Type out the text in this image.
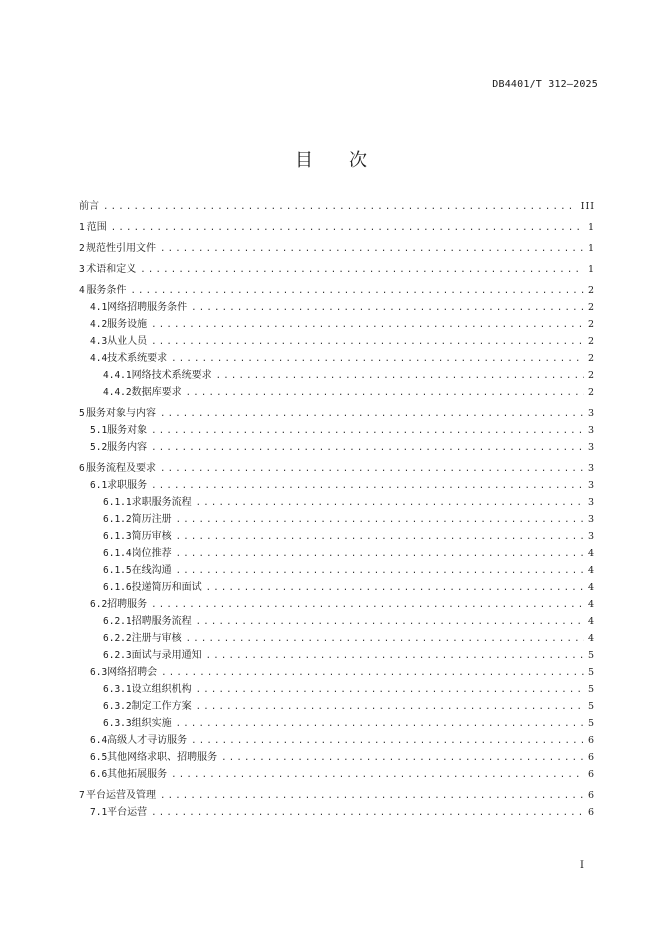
DB4401/T 312—2025
目次
前言 .....	III
1 范围 .....	1
2 规范性引用文件 .....	1
3 术语和定义 .....	1
4 服务条件 .....	2
4.1 网络招聘服务条件 .....	2
4.2 服务设施 .....	2
4.3 从业人员 .....	2
4.4 技术系统要求 .....	2
4.4.1 网络技术系统要求 .....	2
4.4.2 数据库要求 .....	2
5 服务对象与内容 .....	3
5.1 服务对象 .....	3
5.2 服务内容 .....	3
6 服务流程及要求 .....	3
6.1 求职服务 .....	3
6.1.1 求职服务流程 .....	3
6.1.2 简历注册 .....	3
6.1.3 简历审核 .....	3
6.1.4 岗位推荐 .....	4
6.1.5 在线沟通 .....	4
6.1.6 投递简历和面试 .....	4
6.2 招聘服务 .....	4
6.2.1 招聘服务流程 .....	4
6.2.2 注册与审核 .....	4
6.2.3 面试与录用通知 .....	5
6.3 网络招聘会 .....	5
6.3.1 设立组织机构 .....	5
6.3.2 制定工作方案 .....	5
6.3.3 组织实施 .....	5
6.4 高级人才寻访服务 .....	6
6.5 其他网络求职、招聘服务 .....	6
6.6 其他拓展服务 .....	6
7 平台运营及管理 .....	6
7.1 平台运营 .....	6
I
